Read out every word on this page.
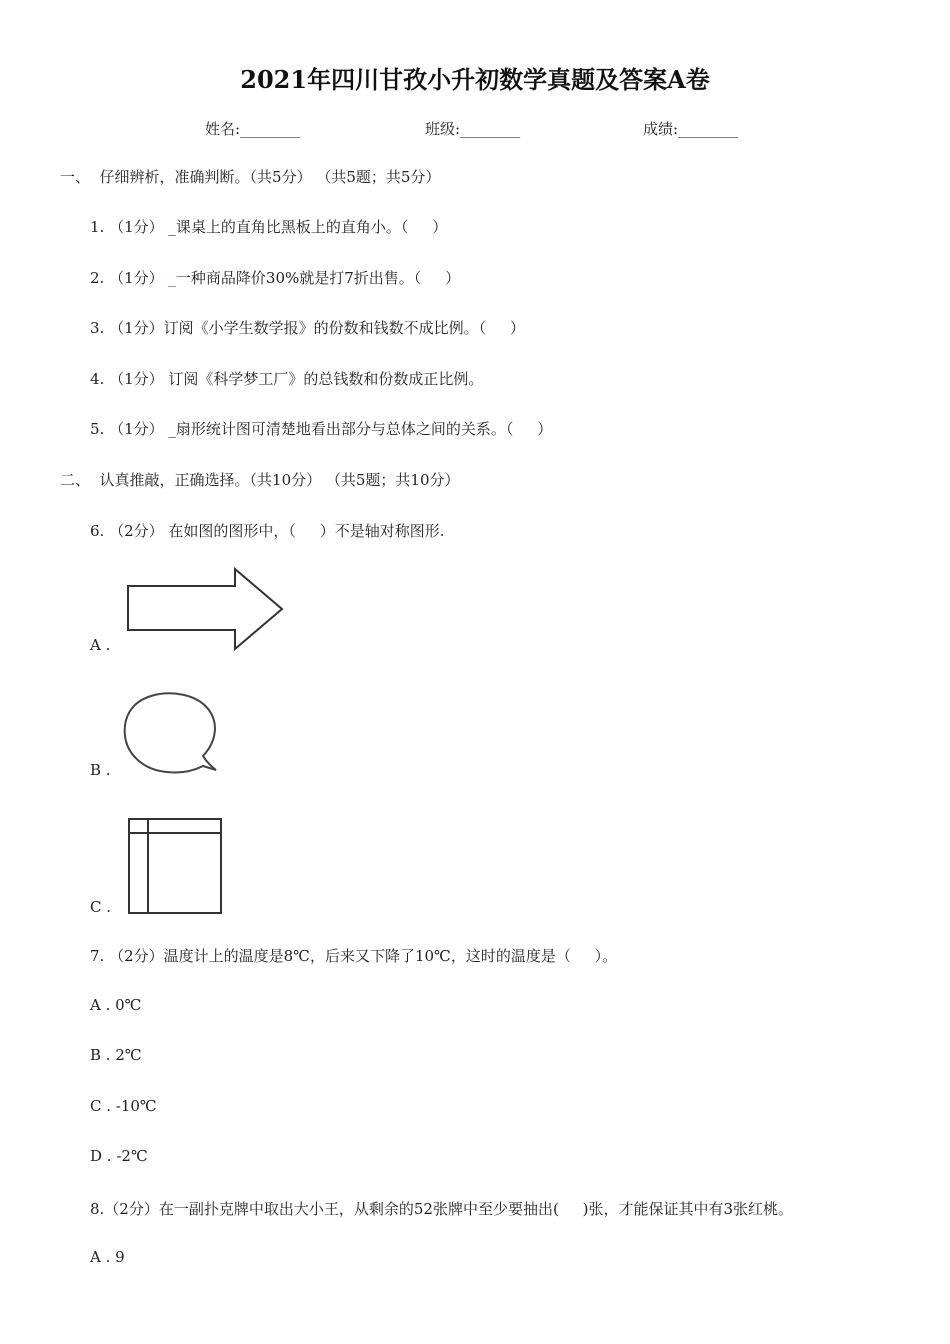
2021年四川甘孜小升初数学真题及答案A卷
姓名:________	班级:________	成绩:________
一、  仔细辨析，准确判断。（共5分） （共5题；共5分）
1. （1分） _课桌上的直角比黑板上的直角小。（     ）
2. （1分） _一种商品降价30%就是打7折出售。（     ）
3. （1分）订阅《小学生数学报》的份数和钱数不成比例。（     ）
4. （1分） 订阅《科学梦工厂》的总钱数和份数成正比例。
5. （1分） _扇形统计图可清楚地看出部分与总体之间的关系。（     ）
二、  认真推敲，正确选择。（共10分） （共5题；共10分）
6. （2分） 在如图的图形中，（     ）不是轴对称图形.
A .
B .
C .
7. （2分）温度计上的温度是8℃，后来又下降了10℃，这时的温度是（     ）。
A . 0℃
B . 2℃
C . -10℃
D . -2℃
8.（2分）在一副扑克牌中取出大小王，从剩余的52张牌中至少要抽出(     )张，才能保证其中有3张红桃。
A . 9
